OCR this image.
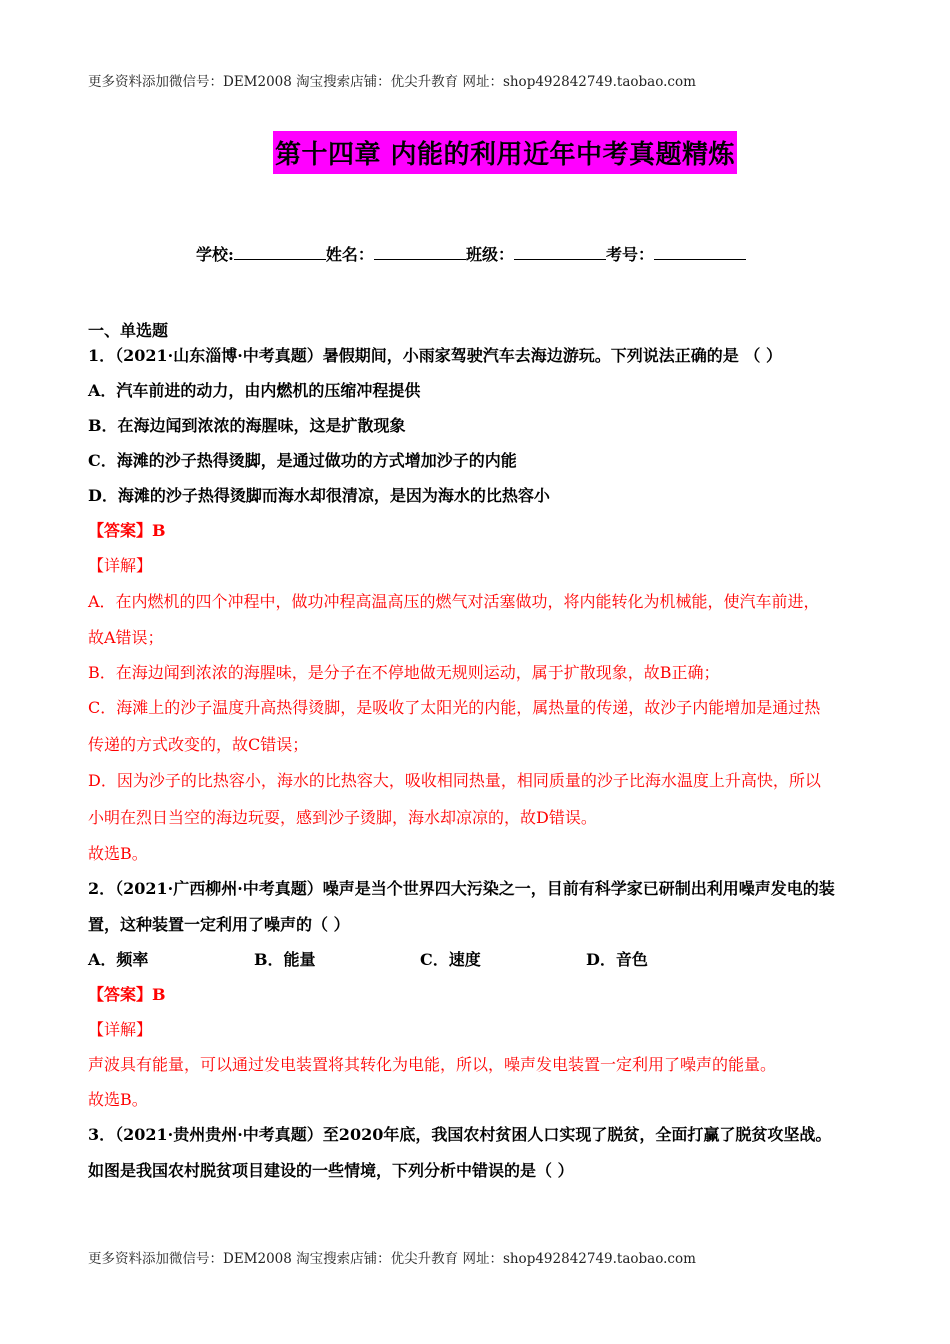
更多资料添加微信号：DEM2008 淘宝搜索店铺：优尖升教育 网址：shop492842749.taobao.com
第十四章 内能的利用近年中考真题精炼
学校:	姓名：	班级：	考号：
一、单选题
1．（2021·山东淄博·中考真题）暑假期间，小雨家驾驶汽车去海边游玩。下列说法正确的是 （ ）
A．汽车前进的动力，由内燃机的压缩冲程提供
B．在海边闻到浓浓的海腥味，这是扩散现象
C．海滩的沙子热得烫脚，是通过做功的方式增加沙子的内能
D．海滩的沙子热得烫脚而海水却很清凉，是因为海水的比热容小
【答案】B
【详解】
A．在内燃机的四个冲程中，做功冲程高温高压的燃气对活塞做功，将内能转化为机械能，使汽车前进，
故A错误；
B．在海边闻到浓浓的海腥味，是分子在不停地做无规则运动，属于扩散现象，故B正确；
C．海滩上的沙子温度升高热得烫脚，是吸收了太阳光的内能，属热量的传递，故沙子内能增加是通过热
传递的方式改变的，故C错误；
D．因为沙子的比热容小，海水的比热容大，吸收相同热量，相同质量的沙子比海水温度上升高快，所以
小明在烈日当空的海边玩耍，感到沙子烫脚，海水却凉凉的，故D错误。
故选B。
2．（2021·广西柳州·中考真题）噪声是当个世界四大污染之一，目前有科学家已研制出利用噪声发电的装
置，这种装置一定利用了噪声的（ ）
A．频率	B．能量	C．速度	D．音色
【答案】B
【详解】
声波具有能量，可以通过发电装置将其转化为电能，所以，噪声发电装置一定利用了噪声的能量。
故选B。
3．（2021·贵州贵州·中考真题）至2020年底，我国农村贫困人口实现了脱贫，全面打赢了脱贫攻坚战。
如图是我国农村脱贫项目建设的一些情境，下列分析中错误的是（ ）
更多资料添加微信号：DEM2008 淘宝搜索店铺：优尖升教育 网址：shop492842749.taobao.com
